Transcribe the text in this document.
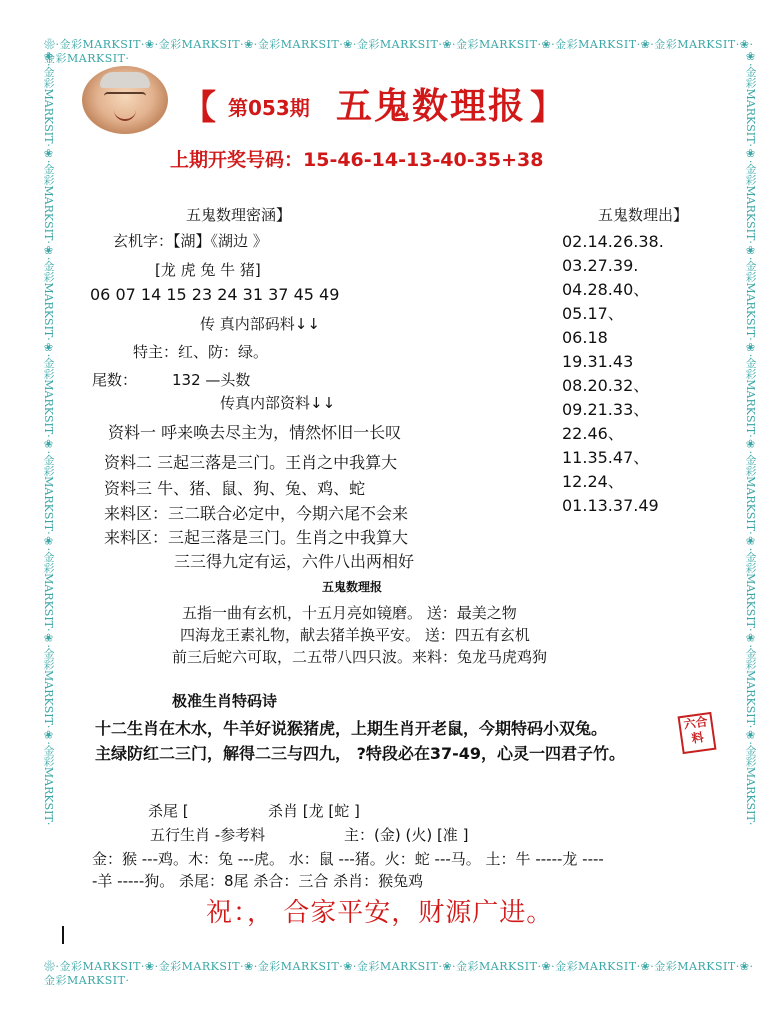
❀·金彩MARKSIT·❀·金彩MARKSIT·❀·金彩MARKSIT·❀·金彩MARKSIT·❀·金彩MARKSIT·❀·金彩MARKSIT·❀·金彩MARKSIT·❀·金彩MARKSIT·
❀·金彩MARKSIT·❀·金彩MARKSIT·❀·金彩MARKSIT·❀·金彩MARKSIT·❀·金彩MARKSIT·❀·金彩MARKSIT·❀·金彩MARKSIT·❀·金彩MARKSIT·
❀·金彩MARKSIT·❀·金彩MARKSIT·❀·金彩MARKSIT·❀·金彩MARKSIT·❀·金彩MARKSIT·❀·金彩MARKSIT·❀·金彩MARKSIT·❀·金彩MARKSIT·	❀·金彩MARKSIT·❀·金彩MARKSIT·❀·金彩MARKSIT·❀·金彩MARKSIT·❀·金彩MARKSIT·❀·金彩MARKSIT·❀·金彩MARKSIT·❀·金彩MARKSIT·
【 第053期 五鬼数理报 】
上期开奖号码：15-46-14-13-40-35+38
五鬼数理密涵】
玄机字：【湖】《湖边 》
[龙 虎 兔 牛 猪]
06 07 14 15 23 24 31 37 45 49
传 真内部码料↓↓
特主：红、防：绿。
尾数： 132 —头数
传真内部资料↓↓
资料一 呼来唤去尽主为，情然怀旧一长叹
资料二 三起三落是三门。王肖之中我算大
资料三 牛、猪、鼠、狗、兔、鸡、蛇
来料区：三二联合必定中，今期六尾不会来
来料区：三起三落是三门。生肖之中我算大
三三得九定有运，六件八出两相好
五鬼数理出】
02.14.26.38.
03.27.39.
04.28.40、
05.17、
06.18
19.31.43
08.20.32、
09.21.33、
22.46、
11.35.47、
12.24、
01.13.37.49
五鬼数理报
五指一曲有玄机，十五月亮如镜磨。 送：最美之物
四海龙王素礼物，献去猪羊换平安。 送：四五有玄机
前三后蛇六可取，二五带八四只波。来料：兔龙马虎鸡狗
极准生肖特码诗
十二生肖在木水，牛羊好说猴猪虎，上期生肖开老鼠，今期特码小双兔。
主绿防红二三门，解得二三与四九， ?特段必在37-49，心灵一四君子竹。
六合料
杀尾 [	杀肖 [龙 [蛇 ]
五行生肖 -参考料	主：(金) (火) [准 ]
金：猴 ---鸡。木：兔 ---虎。 水：鼠 ---猪。火：蛇 ---马。 土：牛 -----龙 ----
-羊 -----狗。 杀尾：8尾 杀合：三合 杀肖：猴兔鸡
祝：， 合家平安，财源广进。
